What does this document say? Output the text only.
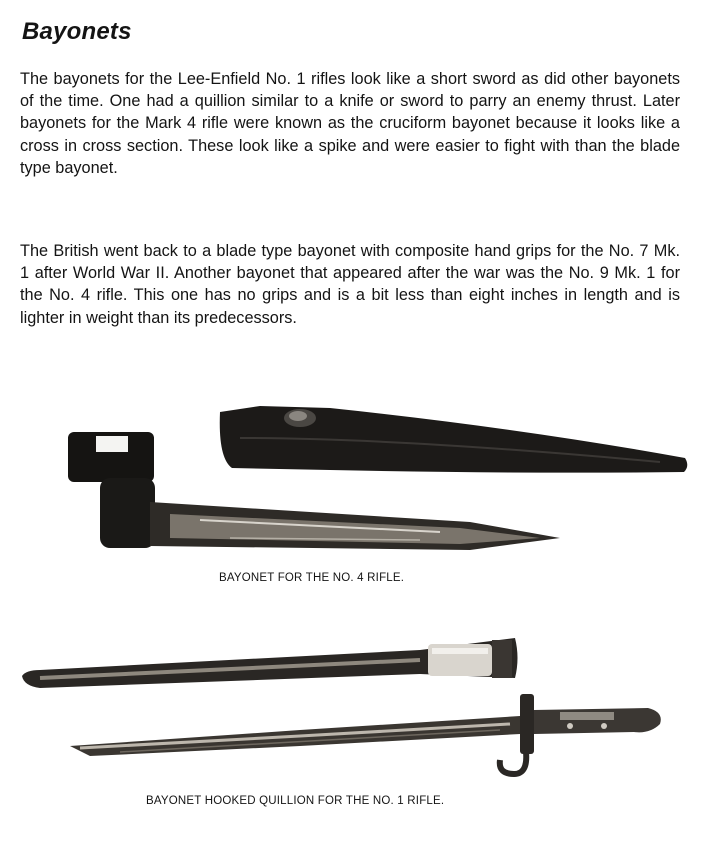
Bayonets

The bayonets for the Lee-Enfield No. 1 rifles look like a short sword as did other bayonets of the time. One had a quillion similar to a knife or sword to parry an enemy thrust. Later bayonets for the Mark 4 rifle were known as the cruciform bayonet because it looks like a cross in cross section. These look like a spike and were easier to fight with than the blade type bayonet.

The British went back to a blade type bayonet with composite hand grips for the No. 7 Mk. 1 after World War II. Another bayonet that appeared after the war was the No. 9 Mk. 1 for the No. 4 rifle. This one has no grips and is a bit less than eight inches in length and is lighter in weight than its predecessors.

BAYONET FOR THE NO. 4 RIFLE.

BAYONET HOOKED QUILLION FOR THE NO. 1 RIFLE.
